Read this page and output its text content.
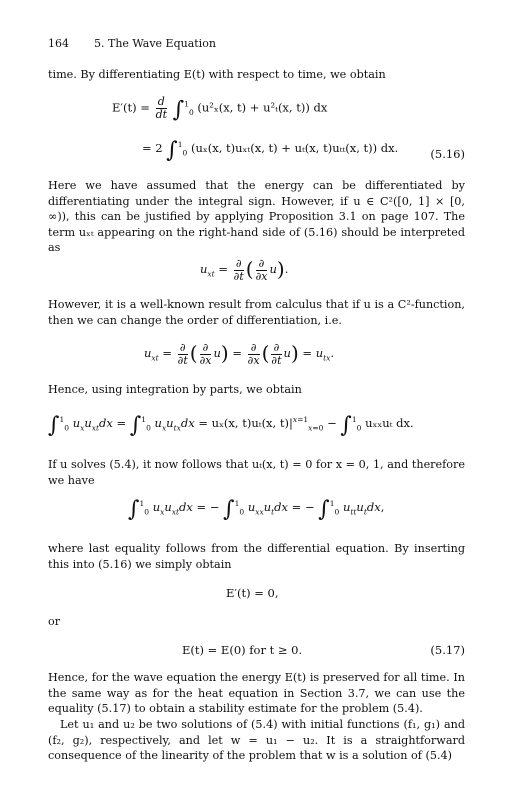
164 5. The Wave Equation

time. By differentiating E(t) with respect to time, we obtain

$E'(t) = \frac{d}{dt} \int^1_0$ (u²ₓ(x, t) + u²ₜ(x, t)) dx
= 2 ∫$^1_0$ (uₓ(x, t)uₓₜ(x, t) + uₜ(x, t)uₜₜ(x, t)) dx.	(5.16)

Here we have assumed that the energy can be differentiated by differentiating under the integral sign. However, if u ∈ C²([0, 1] × [0, ∞)), this can be justified by applying Proposition 3.1 on page 107. The term uₓₜ appearing on the right-hand side of (5.16) should be interpreted as

$u_{xt} = \frac{\partial}{\partial t}$ ( $\frac{\partial}{\partial x} u$).

However, it is a well-known result from calculus that if u is a C²-function, then we can change the order of differentiation, i.e.

$u_{xt} = \frac{\partial}{\partial t}$ ( $\frac{\partial}{\partial x} u) = \frac{\partial}{\partial x}$ ( $\frac{\partial}{\partial t} u) = u_{tx}$.

Hence, using integration by parts, we obtain

∫$^1_0$ $u_xu_{xt}dx = \int^1_0$ $u_xu_{tx}dx = u_x(x$, t)uₜ(x, $t)|^{x=1}_{x=0} - \int^1_0$ uₓₓuₜ dx.

If u solves (5.4), it now follows that uₜ(x, t) = 0 for x = 0, 1, and therefore we have

∫$^1_0$ $u_xu_{xt}dx$ = − ∫$^1_0$ $u_{xx}u_tdx$ = − ∫$^1_0$ $u_{tt}u_tdx$,

where last equality follows from the differential equation. By inserting this into (5.16) we simply obtain

E′(t) = 0,
or
E(t) = E(0) for t ≥ 0.	(5.17)

Hence, for the wave equation the energy E(t) is preserved for all time. In the same way as for the heat equation in Section 3.7, we can use the equality (5.17) to obtain a stability estimate for the problem (5.4).

Let u₁ and u₂ be two solutions of (5.4) with initial functions (f₁, g₁) and (f₂, g₂), respectively, and let w = u₁ − u₂. It is a straightforward consequence of the linearity of the problem that w is a solution of (5.4)
